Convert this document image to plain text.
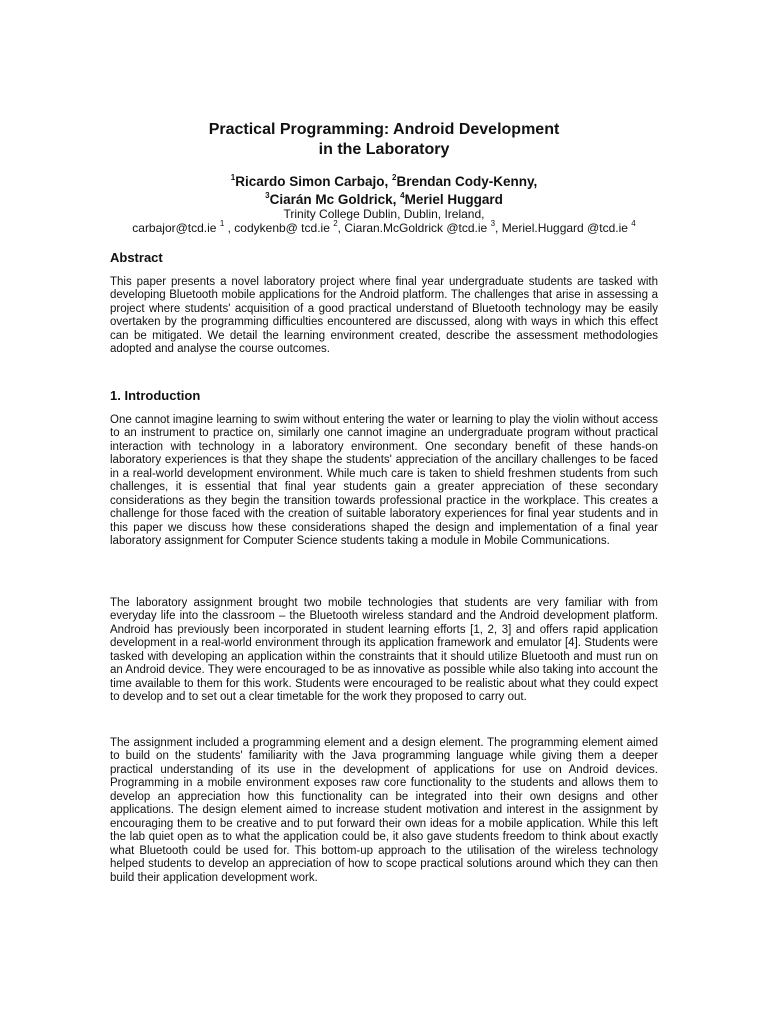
Practical Programming: Android Development
in the Laboratory

$^1$Ricardo Simon Carbajo, $^2$Brendan Cody-Kenny,

$^3$Ciarán Mc Goldrick, $^4$Meriel Huggard

Trinity College Dublin, Dublin, Ireland,

carbajor@tcd.ie $^1$ , codykenb@ tcd.ie $^2$, Ciaran.McGoldrick @tcd.ie $^3$, Meriel.Huggard @tcd.ie $^4$

Abstract

This paper presents a novel laboratory project where final year undergraduate students are tasked with developing Bluetooth mobile applications for the Android platform. The challenges that arise in assessing a project where students' acquisition of a good practical understand of Bluetooth technology may be easily overtaken by the programming difficulties encountered are discussed, along with ways in which this effect can be mitigated. We detail the learning environment created, describe the assessment methodologies adopted and analyse the course outcomes.

1. Introduction

One cannot imagine learning to swim without entering the water or learning to play the violin without access to an instrument to practice on, similarly one cannot imagine an undergraduate program without practical interaction with technology in a laboratory environment. One secondary benefit of these hands-on laboratory experiences is that they shape the students' appreciation of the ancillary challenges to be faced in a real-world development environment. While much care is taken to shield freshmen students from such challenges, it is essential that final year students gain a greater appreciation of these secondary considerations as they begin the transition towards professional practice in the workplace. This creates a challenge for those faced with the creation of suitable laboratory experiences for final year students and in this paper we discuss how these considerations shaped the design and implementation of a final year laboratory assignment for Computer Science students taking a module in Mobile Communications.

The laboratory assignment brought two mobile technologies that students are very familiar with from everyday life into the classroom – the Bluetooth wireless standard and the Android development platform. Android has previously been incorporated in student learning efforts [1, 2, 3] and offers rapid application development in a real-world environment through its application framework and emulator [4]. Students were tasked with developing an application within the constraints that it should utilize Bluetooth and must run on an Android device. They were encouraged to be as innovative as possible while also taking into account the time available to them for this work. Students were encouraged to be realistic about what they could expect to develop and to set out a clear timetable for the work they proposed to carry out.

The assignment included a programming element and a design element. The programming element aimed to build on the students' familiarity with the Java programming language while giving them a deeper practical understanding of its use in the development of applications for use on Android devices. Programming in a mobile environment exposes raw core functionality to the students and allows them to develop an appreciation how this functionality can be integrated into their own designs and other applications. The design element aimed to increase student motivation and interest in the assignment by encouraging them to be creative and to put forward their own ideas for a mobile application. While this left the lab quiet open as to what the application could be, it also gave students freedom to think about exactly what Bluetooth could be used for. This bottom-up approach to the utilisation of the wireless technology helped students to develop an appreciation of how to scope practical solutions around which they can then build their application development work.
